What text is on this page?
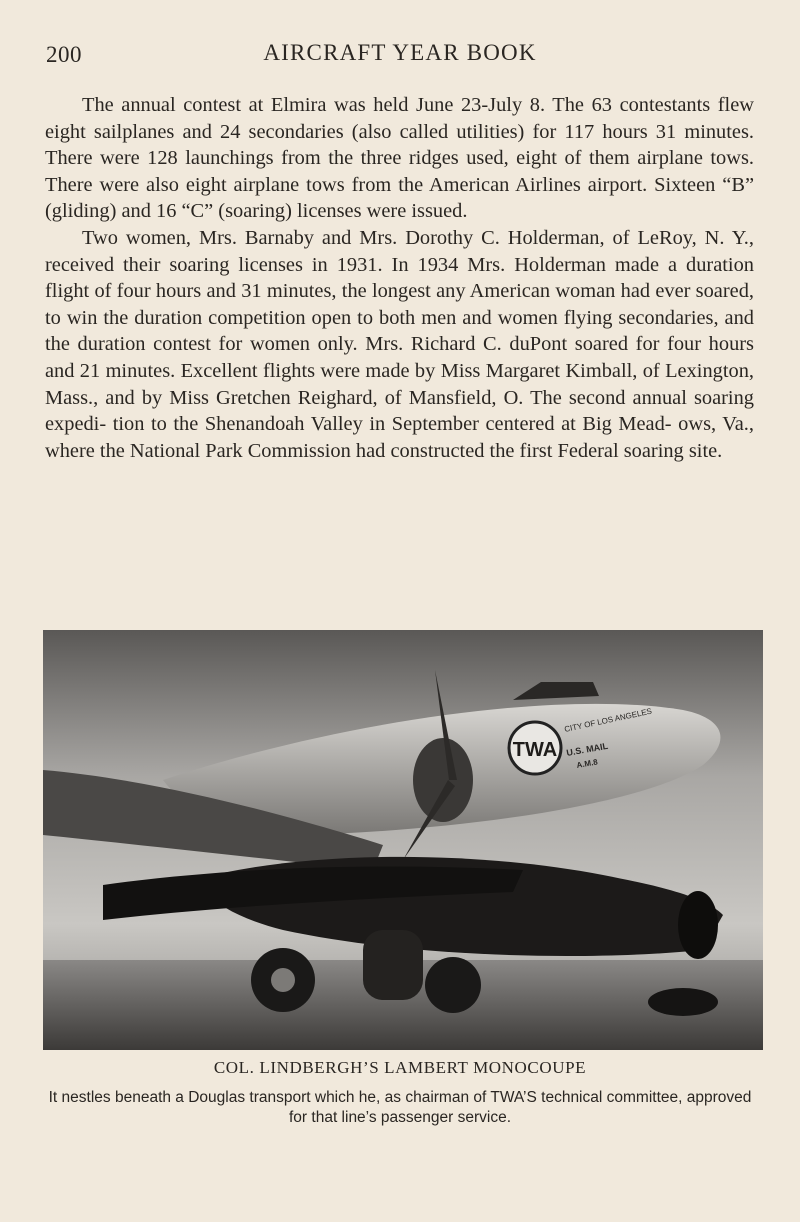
200	AIRCRAFT YEAR BOOK

The annual contest at Elmira was held June 23-July 8. The 63 contestants flew eight sailplanes and 24 secondaries (also called utilities) for 117 hours 31 minutes. There were 128 launchings from the three ridges used, eight of them airplane tows. There were also eight airplane tows from the American Airlines airport. Sixteen “B” (gliding) and 16 “C” (soaring) licenses were issued.

Two women, Mrs. Barnaby and Mrs. Dorothy C. Holderman, of LeRoy, N. Y., received their soaring licenses in 1931. In 1934 Mrs. Holderman made a duration flight of four hours and 31 minutes, the longest any American woman had ever soared, to win the duration competition open to both men and women flying secondaries, and the duration contest for women only. Mrs. Richard C. duPont soared for four hours and 21 minutes. Excellent flights were made by Miss Margaret Kimball, of Lexington, Mass., and by Miss Gretchen Reighard, of Mansfield, O. The second annual soaring expedi- tion to the Shenandoah Valley in September centered at Big Mead- ows, Va., where the National Park Commission had constructed the first Federal soaring site.

TWA
CITY OF LOS ANGELES
U.S. MAIL
A.M.8
COL. LINDBERGH’S LAMBERT MONOCOUPE
It nestles beneath a Douglas transport which he, as chairman of TWA’S technical committee, approved for that line’s passenger service.
